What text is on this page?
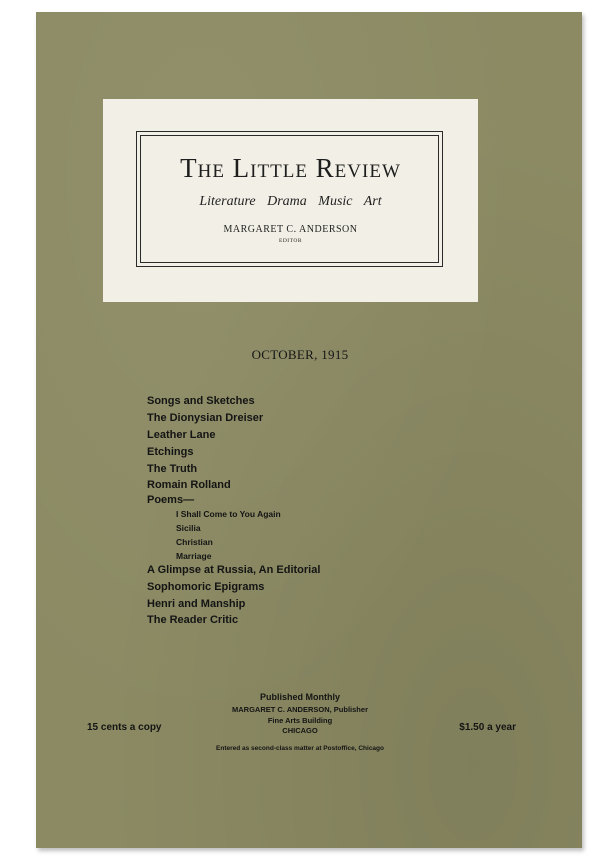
The Little Review
Literature Drama Music Art
MARGARET C. ANDERSON
EDITOR
OCTOBER, 1915
Songs and Sketches
The Dionysian Dreiser
Leather Lane
Etchings
The Truth
Romain Rolland
Poems—
I Shall Come to You Again
Sicilia
Christian
Marriage
A Glimpse at Russia, An Editorial
Sophomoric Epigrams
Henri and Manship
The Reader Critic
Published Monthly
MARGARET C. ANDERSON, Publisher
Fine Arts Building
CHICAGO
15 cents a copy	$1.50 a year
Entered as second-class matter at Postoffice, Chicago
